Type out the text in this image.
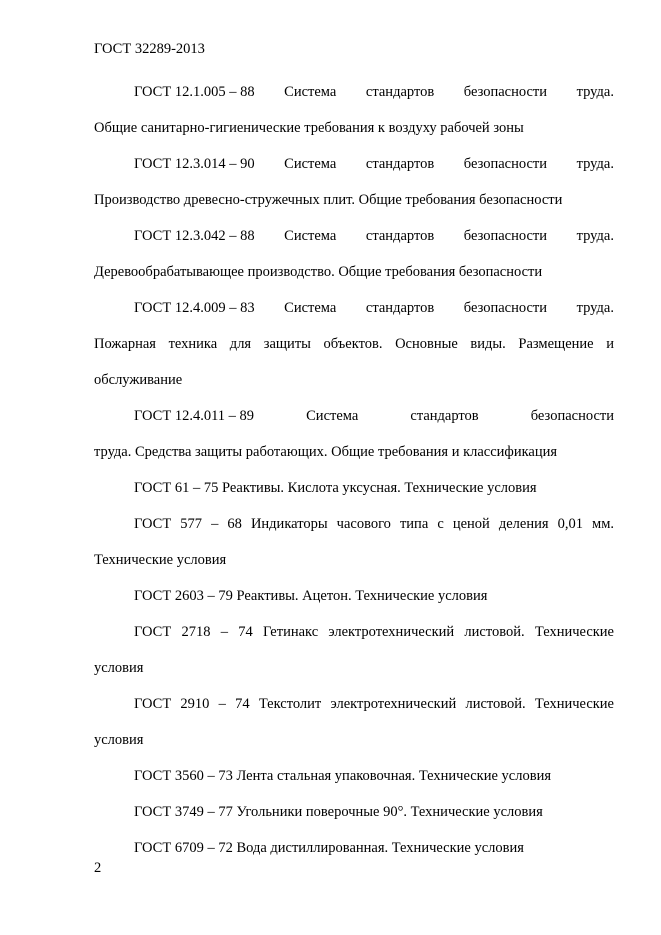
ГОСТ 32289-2013
ГОСТ 12.1.005 – 88 Система стандартов безопасности труда.
Общие санитарно-гигиенические требования к воздуху рабочей зоны
ГОСТ 12.3.014 – 90 Система стандартов безопасности труда.
Производство древесно-стружечных плит. Общие требования безопасности
ГОСТ 12.3.042 – 88 Система стандартов безопасности труда.
Деревообрабатывающее производство. Общие требования безопасности
ГОСТ 12.4.009 – 83 Система стандартов безопасности труда.
Пожарная техника для защиты объектов. Основные виды. Размещение и
обслуживание
ГОСТ 12.4.011 – 89	Система	стандартов	безопасности
труда. Средства защиты работающих. Общие требования и классификация
ГОСТ 61 – 75 Реактивы. Кислота уксусная. Технические условия
ГОСТ 577 – 68 Индикаторы часового типа с ценой деления 0,01 мм.
Технические условия
ГОСТ 2603 – 79 Реактивы. Ацетон. Технические условия
ГОСТ 2718 – 74 Гетинакс электротехнический листовой. Технические
условия
ГОСТ 2910 – 74 Текстолит электротехнический листовой. Технические
условия
ГОСТ 3560 – 73 Лента стальная упаковочная. Технические условия
ГОСТ 3749 – 77 Угольники поверочные 90°. Технические условия
ГОСТ 6709 – 72 Вода дистиллированная. Технические условия
2
